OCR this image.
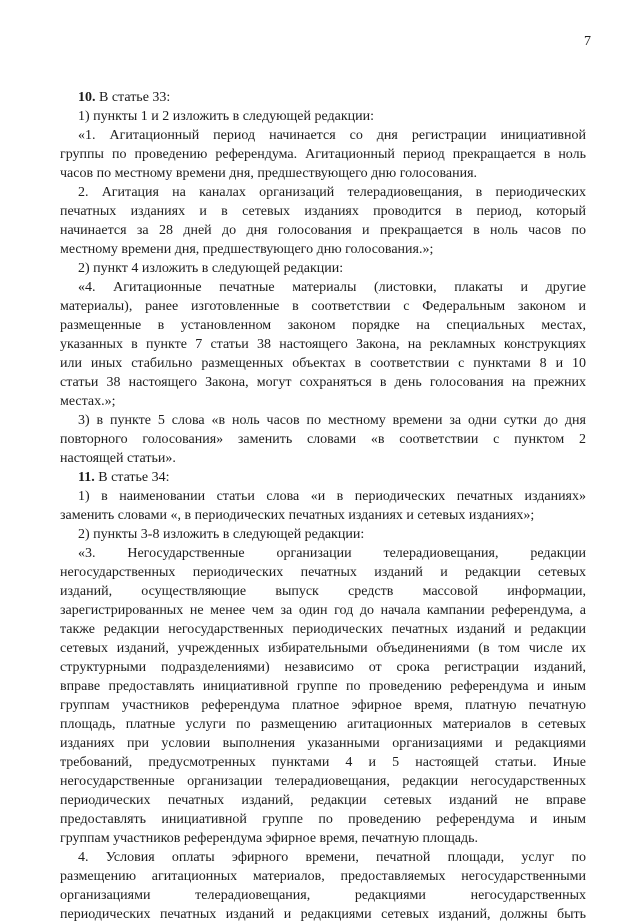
7
10. В статье 33:
1) пункты 1 и 2 изложить в следующей редакции:
«1. Агитационный период начинается со дня регистрации инициативной
группы по проведению референдума. Агитационный период прекращается в ноль
часов по местному времени дня, предшествующего дню голосования.
2. Агитация на каналах организаций телерадиовещания, в периодических
печатных изданиях и в сетевых изданиях проводится в период, который
начинается за 28 дней до дня голосования и прекращается в ноль часов по
местному времени дня, предшествующего дню голосования.»;
2) пункт 4 изложить в следующей редакции:
«4. Агитационные печатные материалы (листовки, плакаты и другие
материалы), ранее изготовленные в соответствии с Федеральным законом и
размещенные в установленном законом порядке на специальных местах,
указанных в пункте 7 статьи 38 настоящего Закона, на рекламных конструкциях
или иных стабильно размещенных объектах в соответствии с пунктами 8 и 10
статьи 38 настоящего Закона, могут сохраняться в день голосования на прежних
местах.»;
3) в пункте 5 слова «в ноль часов по местному времени за одни сутки до дня
повторного голосования» заменить словами «в соответствии с пунктом 2
настоящей статьи».
11. В статье 34:
1) в наименовании статьи слова «и в периодических печатных изданиях»
заменить словами «, в периодических печатных изданиях и сетевых изданиях»;
2) пункты 3-8 изложить в следующей редакции:
«3. Негосударственные организации телерадиовещания, редакции
негосударственных периодических печатных изданий и редакции сетевых
изданий, осуществляющие выпуск средств массовой информации,
зарегистрированных не менее чем за один год до начала кампании референдума, а
также редакции негосударственных периодических печатных изданий и редакции
сетевых изданий, учрежденных избирательными объединениями (в том числе их
структурными подразделениями) независимо от срока регистрации изданий,
вправе предоставлять инициативной группе по проведению референдума и иным
группам участников референдума платное эфирное время, платную печатную
площадь, платные услуги по размещению агитационных материалов в сетевых
изданиях при условии выполнения указанными организациями и редакциями
требований, предусмотренных пунктами 4 и 5 настоящей статьи. Иные
негосударственные организации телерадиовещания, редакции негосударственных
периодических печатных изданий, редакции сетевых изданий не вправе
предоставлять инициативной группе по проведению референдума и иным
группам участников референдума эфирное время, печатную площадь.
4. Условия оплаты эфирного времени, печатной площади, услуг по
размещению агитационных материалов, предоставляемых негосударственными
организациями телерадиовещания, редакциями негосударственных
периодических печатных изданий и редакциями сетевых изданий, должны быть
